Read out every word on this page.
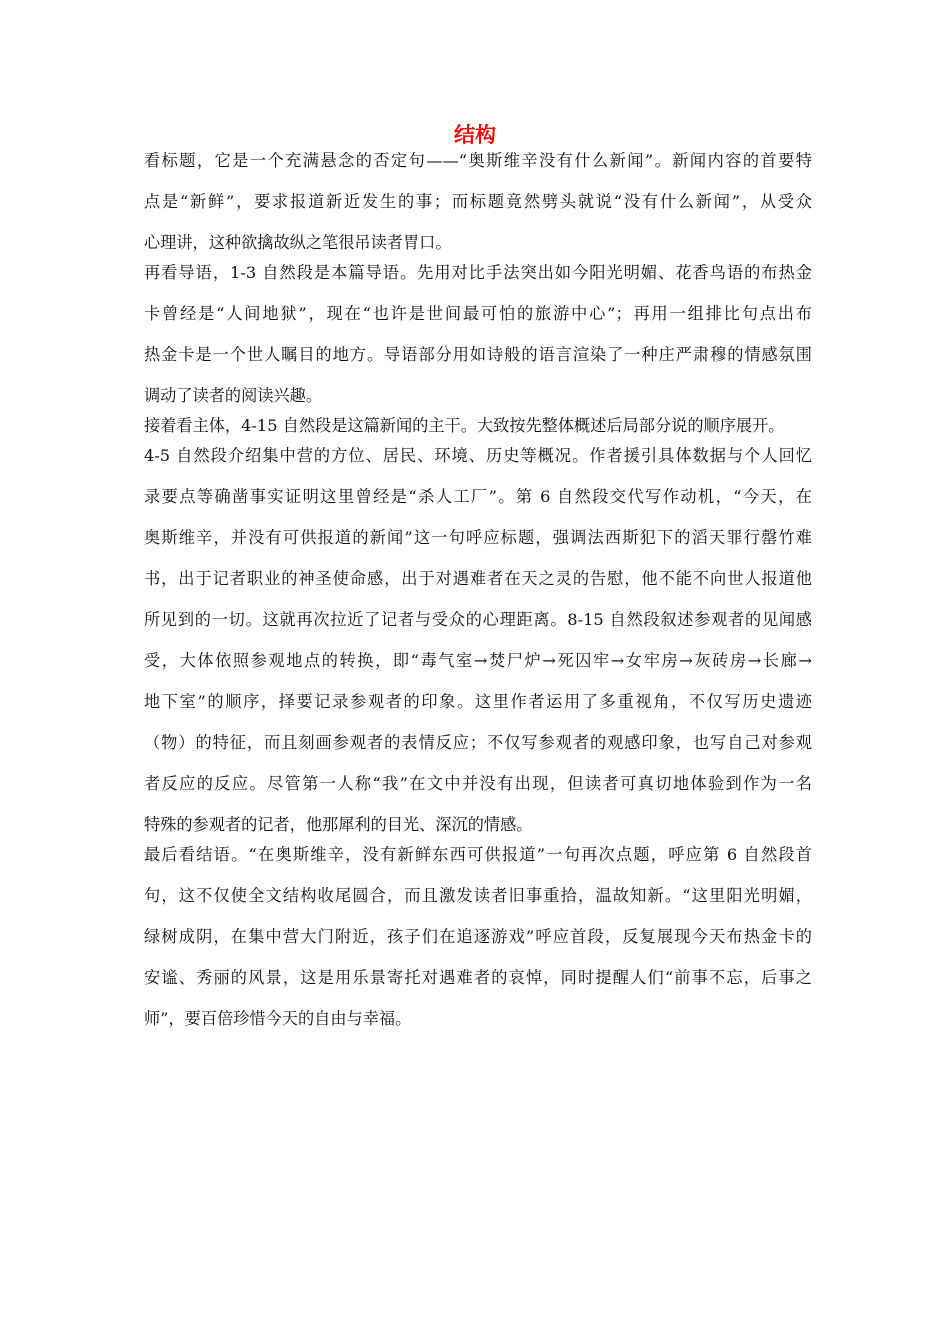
结构
看标题，它是一个充满悬念的否定句——“奥斯维辛没有什么新闻”。新闻内容的首要特
点是“新鲜”，要求报道新近发生的事；而标题竟然劈头就说“没有什么新闻”，从受众
心理讲，这种欲擒故纵之笔很吊读者胃口。
再看导语，1-3 自然段是本篇导语。先用对比手法突出如今阳光明媚、花香鸟语的布热金
卡曾经是“人间地狱”，现在“也许是世间最可怕的旅游中心”；再用一组排比句点出布
热金卡是一个世人瞩目的地方。导语部分用如诗般的语言渲染了一种庄严肃穆的情感氛围
调动了读者的阅读兴趣。
接着看主体，4-15 自然段是这篇新闻的主干。大致按先整体概述后局部分说的顺序展开。
4-5 自然段介绍集中营的方位、居民、环境、历史等概况。作者援引具体数据与个人回忆
录要点等确凿事实证明这里曾经是“杀人工厂”。第 6 自然段交代写作动机，“今天，在
奥斯维辛，并没有可供报道的新闻”这一句呼应标题，强调法西斯犯下的滔天罪行罄竹难
书，出于记者职业的神圣使命感，出于对遇难者在天之灵的告慰，他不能不向世人报道他
所见到的一切。这就再次拉近了记者与受众的心理距离。8-15 自然段叙述参观者的见闻感
受，大体依照参观地点的转换，即“毒气室→焚尸炉→死囚牢→女牢房→灰砖房→长廊→
地下室”的顺序，择要记录参观者的印象。这里作者运用了多重视角，不仅写历史遗迹
（物）的特征，而且刻画参观者的表情反应；不仅写参观者的观感印象，也写自己对参观
者反应的反应。尽管第一人称“我”在文中并没有出现，但读者可真切地体验到作为一名
特殊的参观者的记者，他那犀利的目光、深沉的情感。
最后看结语。“在奥斯维辛，没有新鲜东西可供报道”一句再次点题，呼应第 6 自然段首
句，这不仅使全文结构收尾圆合，而且激发读者旧事重拾，温故知新。“这里阳光明媚，
绿树成阴，在集中营大门附近，孩子们在追逐游戏”呼应首段，反复展现今天布热金卡的
安谧、秀丽的风景，这是用乐景寄托对遇难者的哀悼，同时提醒人们“前事不忘，后事之
师”，要百倍珍惜今天的自由与幸福。
